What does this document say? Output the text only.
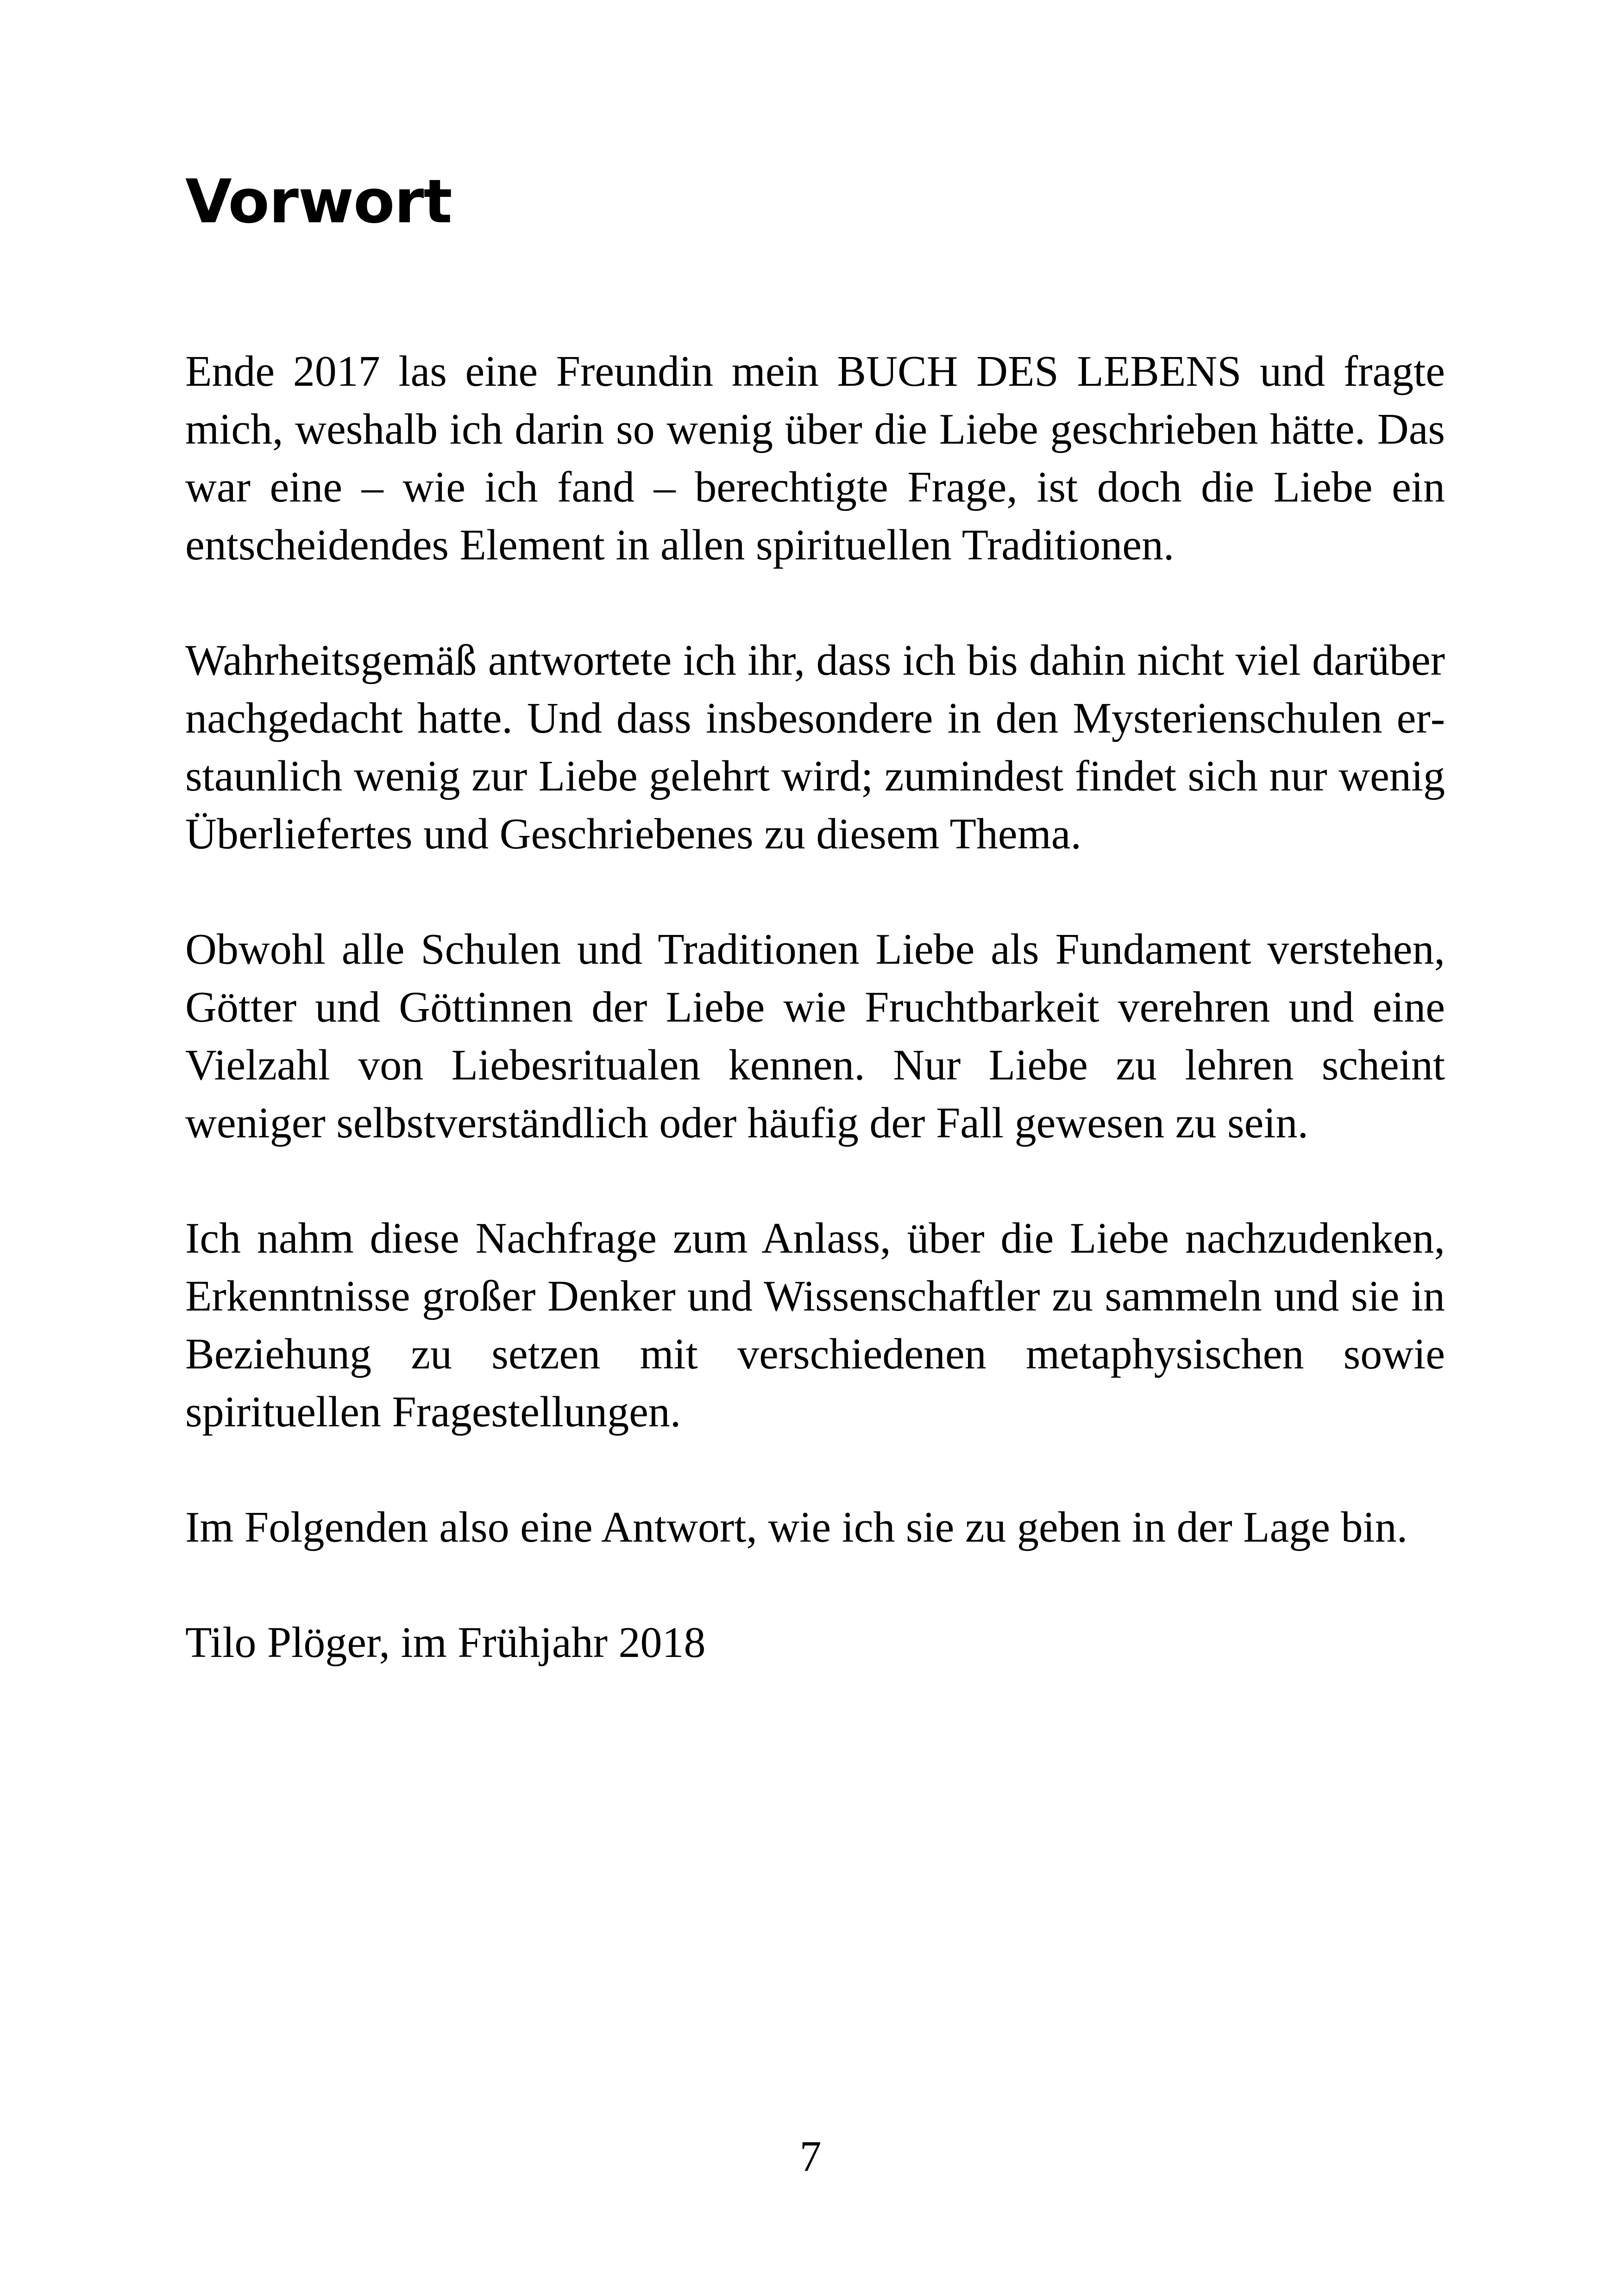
Vorwort

Ende 2017 las eine Freundin mein BUCH DES LEBENS und fragte mich, weshalb ich darin so wenig über die Liebe geschrieben hätte. Das war eine – wie ich fand – berechtigte Frage, ist doch die Liebe ein entscheidendes Element in allen spirituellen Traditionen.

Wahrheitsgemäß antwortete ich ihr, dass ich bis dahin nicht viel darüber nachgedacht hatte. Und dass insbesondere in den Mysterienschulen erstaunlich wenig zur Liebe gelehrt wird; zumindest findet sich nur wenig Überliefertes und Geschriebenes zu diesem Thema.

Obwohl alle Schulen und Traditionen Liebe als Fundament verstehen, Götter und Göttinnen der Liebe wie Fruchtbarkeit verehren und eine Vielzahl von Liebesritualen kennen. Nur Liebe zu lehren scheint weniger selbstverständlich oder häufig der Fall gewesen zu sein.

Ich nahm diese Nachfrage zum Anlass, über die Liebe nachzudenken, Erkenntnisse großer Denker und Wissenschaftler zu sammeln und sie in Beziehung zu setzen mit verschiedenen metaphysischen sowie spirituellen Fragestellungen.

Im Folgenden also eine Antwort, wie ich sie zu geben in der Lage bin.

Tilo Plöger, im Frühjahr 2018

7
